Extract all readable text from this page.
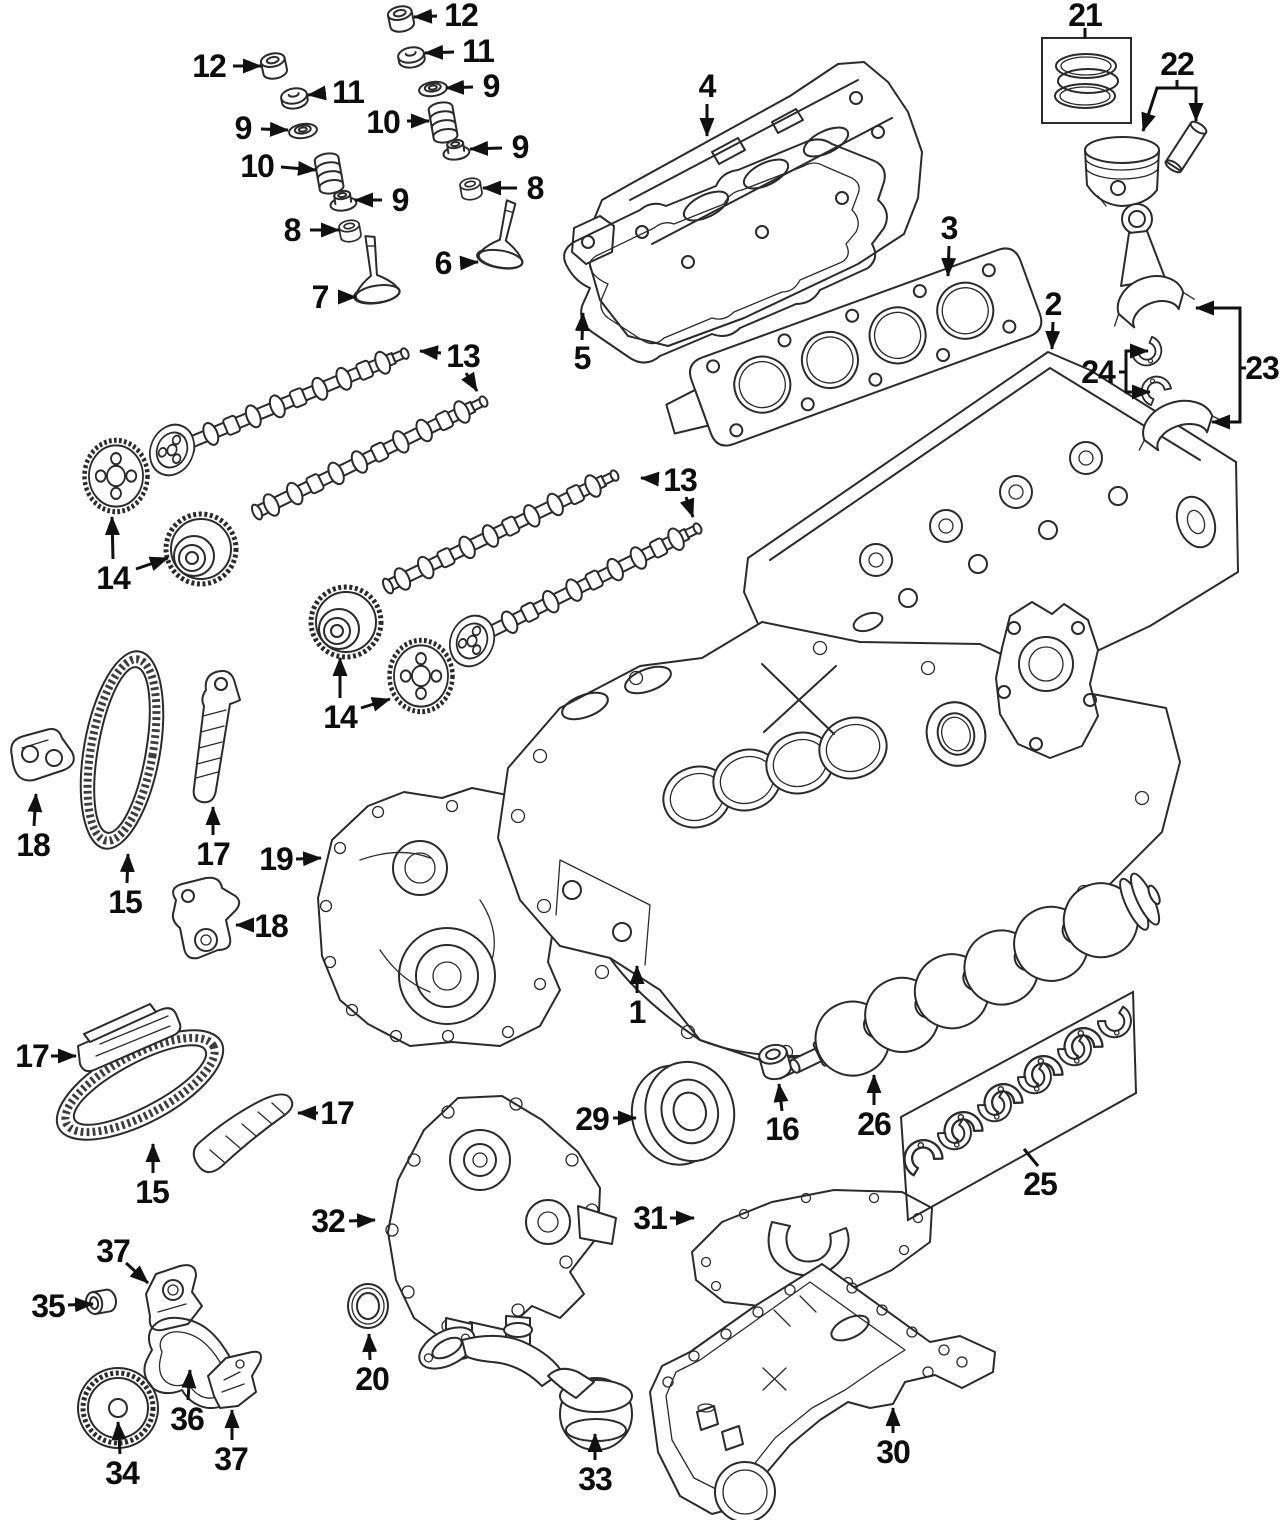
12
11
12
11	9
10
9
9
10
8
9
8
6
7
4
5
3
21
22
2
24	23
13
14
13
14
18
15
17 19
18
17
15
17
1
29	16 26
25
31
32
33
30
37
35
36
34 37
20
